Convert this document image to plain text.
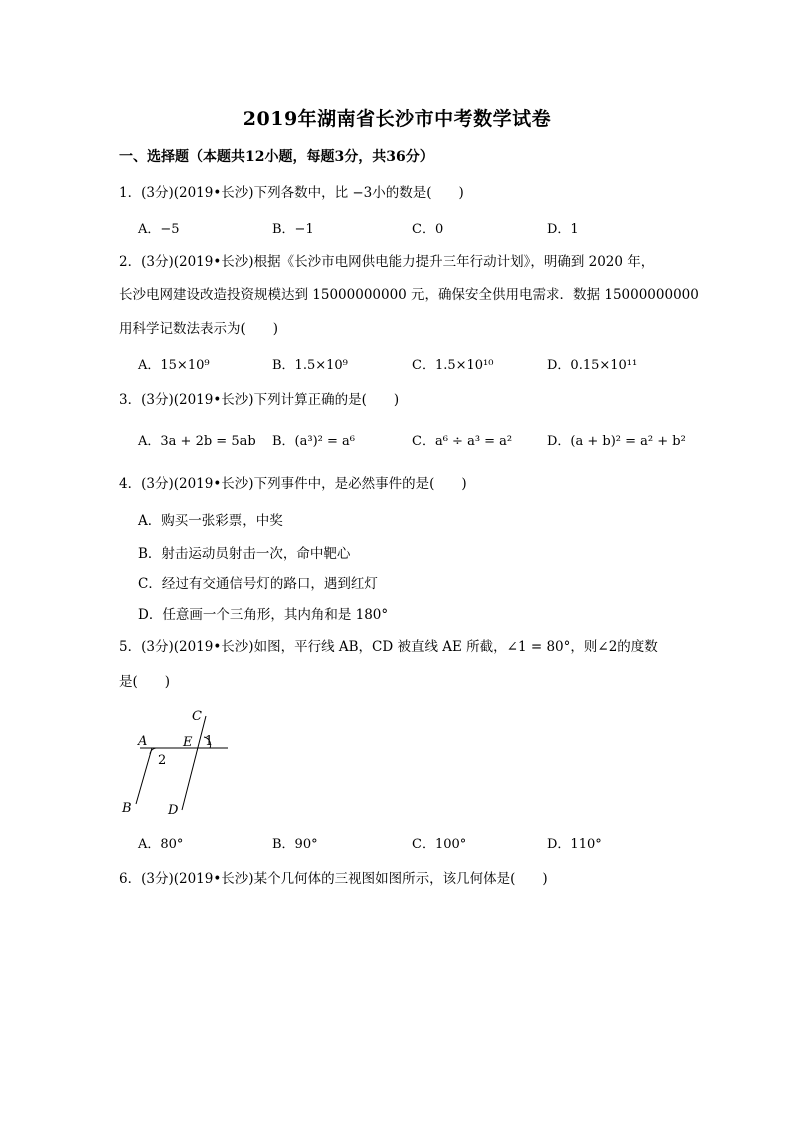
2019年湖南省长沙市中考数学试卷
一、选择题（本题共12小题，每题3分，共36分）
1．(3分)(2019•长沙)下列各数中，比 −3小的数是(　　)
A．−5	B．−1	C．0	D．1
2．(3分)(2019•长沙)根据《长沙市电网供电能力提升三年行动计划》，明确到 2020 年，
长沙电网建设改造投资规模达到 15000000000 元，确保安全供用电需求．数据 15000000000
用科学记数法表示为(　　)
A．15×10⁹	B．1.5×10⁹	C．1.5×10¹⁰	D．0.15×10¹¹
3．(3分)(2019•长沙)下列计算正确的是(　　)
A．3a + 2b = 5ab B．(a³)² = a⁶	C．a⁶ ÷ a³ = a²	D．(a + b)² = a² + b²
4．(3分)(2019•长沙)下列事件中，是必然事件的是(　　)
A．购买一张彩票，中奖
B．射击运动员射击一次，命中靶心
C．经过有交通信号灯的路口，遇到红灯
D．任意画一个三角形，其内角和是 180°
5．(3分)(2019•长沙)如图，平行线 AB，CD 被直线 AE 所截，∠1 = 80°，则∠2的度数
是(　　)
A
B
C
D
E 1
2
A．80°	B．90°	C．100°	D．110°
6．(3分)(2019•长沙)某个几何体的三视图如图所示，该几何体是(　　)
